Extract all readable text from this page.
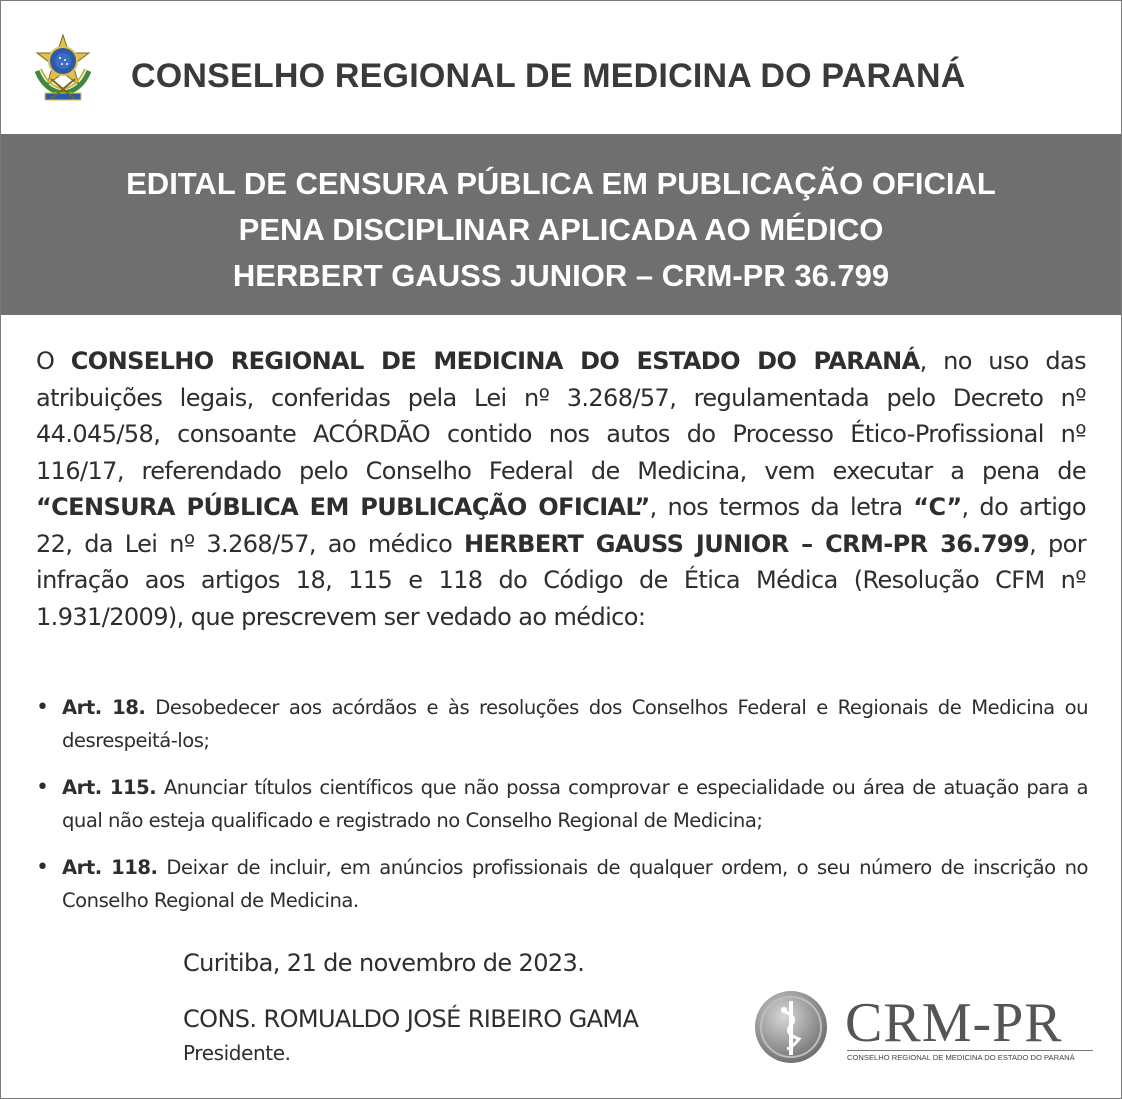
CONSELHO REGIONAL DE MEDICINA DO PARANÁ
EDITAL DE CENSURA PÚBLICA EM PUBLICAÇÃO OFICIAL
PENA DISCIPLINAR APLICADA AO MÉDICO
HERBERT GAUSS JUNIOR – CRM-PR 36.799
O CONSELHO REGIONAL DE MEDICINA DO ESTADO DO PARANÁ, no uso das atribuições legais, conferidas pela Lei nº 3.268/57, regulamentada pelo Decreto nº 44.045/58, consoante ACÓRDÃO contido nos autos do Processo Ético-Profissional nº 116/17, referendado pelo Conselho Federal de Medicina, vem executar a pena de “CENSURA PÚBLICA EM PUBLICAÇÃO OFICIAL”, nos termos da letra “C”, do artigo 22, da Lei nº 3.268/57, ao médico HERBERT GAUSS JUNIOR – CRM-PR 36.799, por infração aos artigos 18, 115 e 118 do Código de Ética Médica (Resolução CFM nº 1.931/2009), que prescrevem ser vedado ao médico:
• Art. 18. Desobedecer aos acórdãos e às resoluções dos Conselhos Federal e Regionais de Medicina ou desrespeitá-los;
• Art. 115. Anunciar títulos científicos que não possa comprovar e especialidade ou área de atuação para a qual não esteja qualificado e registrado no Conselho Regional de Medicina;
• Art. 118. Deixar de incluir, em anúncios profissionais de qualquer ordem, o seu número de inscrição no Conselho Regional de Medicina.
Curitiba, 21 de novembro de 2023.
CONS. ROMUALDO JOSÉ RIBEIRO GAMA
Presidente.	CRM-PR
CONSELHO REGIONAL DE MEDICINA DO ESTADO DO PARANÁ
